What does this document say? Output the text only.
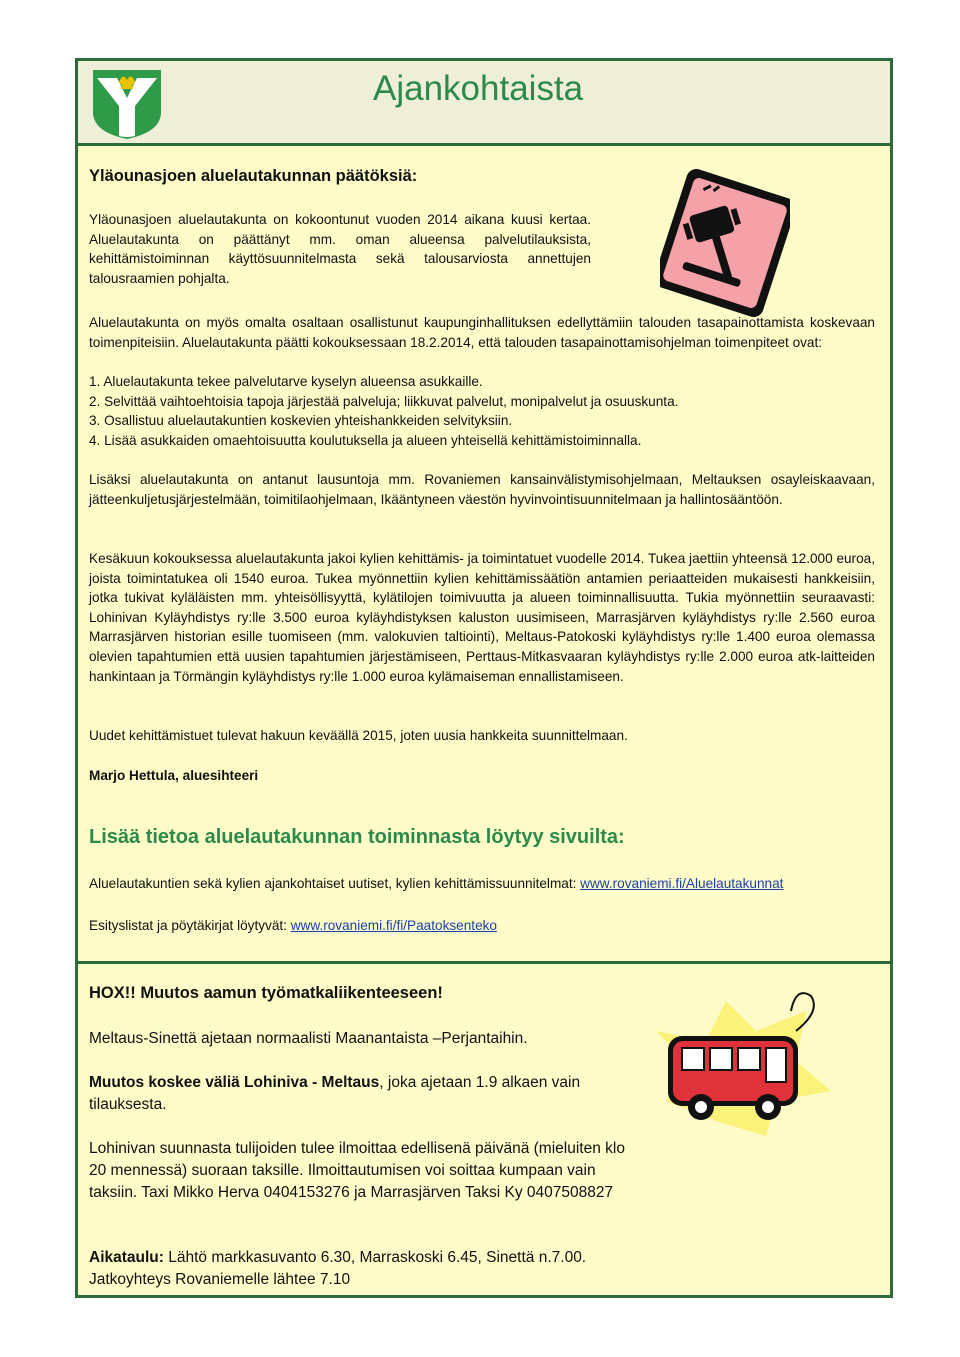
Ajankohtaista
Yläounasjoen aluelautakunnan päätöksiä:
Yläounasjoen aluelautakunta on kokoontunut vuoden 2014 aikana kuusi kertaa. Aluelautakunta on päättänyt mm. oman alueensa palvelutilauksista, kehittämistoiminnan käyttösuunnitelmasta sekä talousarviosta annettujen talousraamien pohjalta.
Aluelautakunta on myös omalta osaltaan osallistunut kaupunginhallituksen edellyttämiin talouden tasapainottamista koskevaan toimenpiteisiin. Aluelautakunta päätti kokouksessaan 18.2.2014, että talouden tasapainottamisohjelman toimenpiteet ovat:
1. Aluelautakunta tekee palvelutarve kyselyn alueensa asukkaille.
2. Selvittää vaihtoehtoisia tapoja järjestää palveluja; liikkuvat palvelut, monipalvelut ja osuuskunta.
3. Osallistuu aluelautakuntien koskevien yhteishankkeiden selvityksiin.
4. Lisää asukkaiden omaehtoisuutta koulutuksella ja alueen yhteisellä kehittämistoiminnalla.
Lisäksi aluelautakunta on antanut lausuntoja mm. Rovaniemen kansainvälistymisohjelmaan, Meltauksen osayleiskaavaan, jätteenkuljetusjärjestelmään, toimitilaohjelmaan, Ikääntyneen väestön hyvinvointisuunnitelmaan ja hallintosääntöön.
Kesäkuun kokouksessa aluelautakunta jakoi kylien kehittämis- ja toimintatuet vuodelle 2014. Tukea jaettiin yhteensä 12.000 euroa, joista toimintatukea oli 1540 euroa. Tukea myönnettiin kylien kehittämissäätiön antamien periaatteiden mukaisesti hankkeisiin, jotka tukivat kyläläisten mm. yhteisöllisyyttä, kylätilojen toimivuutta ja alueen toiminnallisuutta. Tukia myönnettiin seuraavasti: Lohinivan Kyläyhdistys ry:lle 3.500 euroa kyläyhdistyksen kaluston uusimiseen, Marrasjärven kyläyhdistys ry:lle 2.560 euroa Marrasjärven historian esille tuomiseen (mm. valokuvien taltiointi), Meltaus-Patokoski kyläyhdistys ry:lle 1.400 euroa olemassa olevien tapahtumien että uusien tapahtumien järjestämiseen, Perttaus-Mitkasvaaran kyläyhdistys ry:lle 2.000 euroa atk-laitteiden hankintaan ja Törmängin kyläyhdistys ry:lle 1.000 euroa kylämaiseman ennallistamiseen.
Uudet kehittämistuet tulevat hakuun keväällä 2015, joten uusia hankkeita suunnittelmaan.
Marjo Hettula, aluesihteeri
Lisää tietoa aluelautakunnan toiminnasta löytyy sivuilta:
Aluelautakuntien sekä kylien ajankohtaiset uutiset, kylien kehittämissuunnitelmat: www.rovaniemi.fi/Aluelautakunnat
Esityslistat ja pöytäkirjat löytyvät: www.rovaniemi.fi/fi/Paatoksenteko
HOX!! Muutos aamun työmatkaliikenteeseen!
Meltaus-Sinettä ajetaan normaalisti Maanantaista –Perjantaihin.
Muutos koskee väliä Lohiniva - Meltaus, joka ajetaan 1.9 alkaen vain tilauksesta.
Lohinivan suunnasta tulijoiden tulee ilmoittaa edellisenä päivänä (mieluiten klo 20 mennessä) suoraan taksille. Ilmoittautumisen voi soittaa kumpaan vain taksiin. Taxi Mikko Herva 0404153276 ja Marrasjärven Taksi Ky 0407508827
Aikataulu: Lähtö markkasuvanto 6.30, Marraskoski 6.45, Sinettä n.7.00.
Jatkoyhteys Rovaniemelle lähtee 7.10
